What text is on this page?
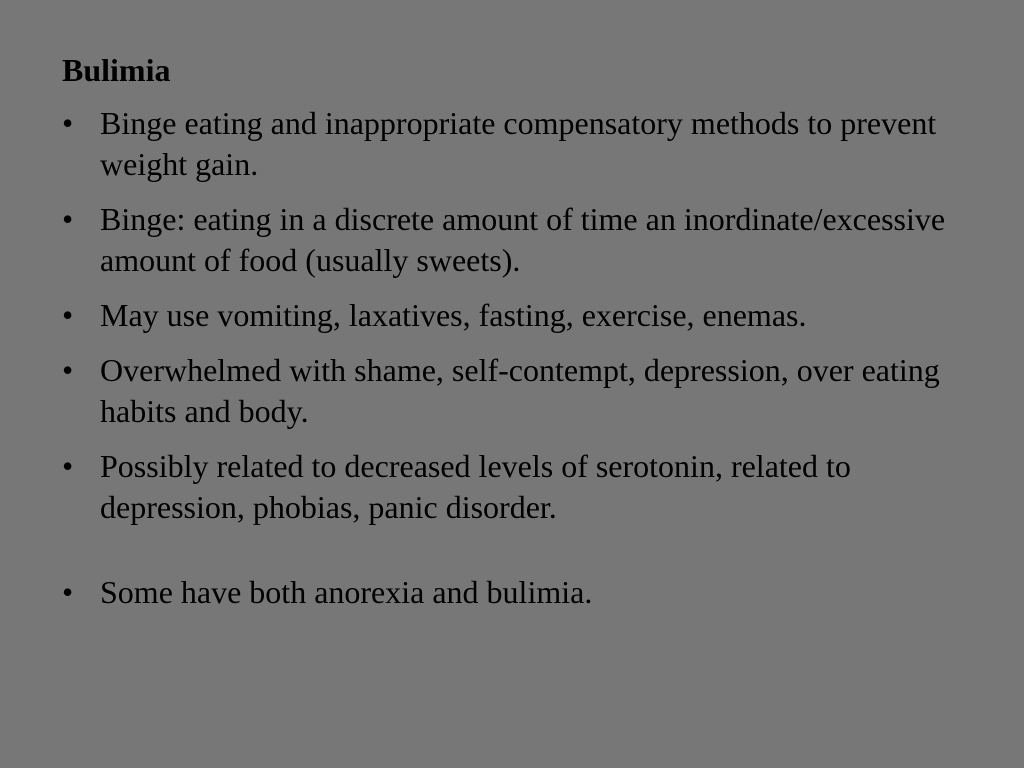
Bulimia
• Binge eating and inappropriate compensatory methods to prevent weight gain.
• Binge: eating in a discrete amount of time an inordinate/excessive amount of food (usually sweets).
• May use vomiting, laxatives, fasting, exercise, enemas.
• Overwhelmed with shame, self-contempt, depression, over eating habits and body.
• Possibly related to decreased levels of serotonin, related to depression, phobias, panic disorder.
• Some have both anorexia and bulimia.
